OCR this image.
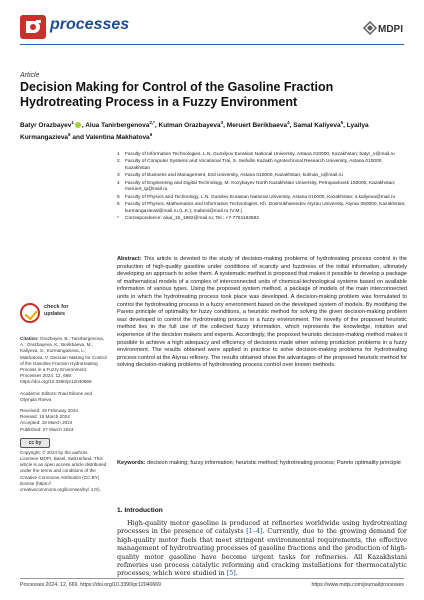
processes	MDPI
Article
Decision Making for Control of the Gasoline Fraction Hydrotreating Process in a Fuzzy Environment
Batyr Orazbayev$^1$ , Alua Tanirbergenova$^{2,*}$, Kulman Orazbayeva$^3$, Meruert Berikbaeva$^4$, Samal Kaliyeva$^5$, Lyailya Kurmangazieva$^6$ and Valentina Makhatova$^6$
1	Faculty of Information Technologies, L.N. Gumilyov Eurasian National University, Astana 010000, Kazakhstan; batyr_o@mail.ru
2	Faculty of Computer Systems and Vocational Trai, S. Seifullin Kazakh Agrotechnical Research University, Astana 010000, Kazakhstan
3	Faculty of Business and Management, Esil University, Astana 010000, Kazakhstan; kulman_o@mail.ru
4	Faculty of Engineering and Digital Technology, M. Kozybayev North Kazakhstan University, Petropavlovsk 150000, Kazakhstan; meruert_tp@mail.ru
5	Faculty of Physics and Technology, L.N. Gumilev Eurasian National University, Astana 010000, Kazakhstan; s.kaliyeva@mail.ru
6	Faculty of Physics, Mathematics and Information Technologies, Kh. Dosmukhamedov Atyrau University, Atyrau 060000, Kazakhstan; kurmangazieval@mail.ru (L.K.); mabevi@mail.ru (V.M.)
*	Correspondence: alua_15_1982@mail.ru; Tel.: +7-7761183682
check for updates

Citation: Orazbayev, B.; Tanirbergenova, A.; Orazbayeva, K.; Berikbaeva, M.; Kaliyeva, S.; Kurmangazieva, L.; Makhatova, V. Decision Making for Control of the Gasoline Fraction Hydrotreating Process in a Fuzzy Environment. Processes 2024, 12, 669. https://doi.org/10.3390/pr12040669

Academic Editors: Riad Eikane and Olympia Roeva

Received: 19 February 2024
Revised: 16 March 2024
Accepted: 18 March 2024
Published: 27 March 2024

cc by

Copyright: © 2024 by the authors. Licensee MDPI, Basel, Switzerland. This article is an open access article distributed under the terms and conditions of the Creative Commons Attribution (CC BY) license (https:// creativecommons.org/licenses/by/ 4.0/).

Abstract: This article is devoted to the study of decision-making problems of hydrotreating process control in the production of high-quality gasoline under conditions of scarcity and fuzziness of the initial information, ultimately developing an approach to solve them. A systematic method is proposed that makes it possible to develop a package of mathematical models of a complex of interconnected units of chemical-technological systems based on available information of various types. Using the proposed system method, a package of models of the main interconnected units in which the hydrotreating process took place was developed. A decision-making problem was formulated to control the hydrotreating process in a fuzzy environment based on the developed system of models. By modifying the Pareto principle of optimality for fuzzy conditions, a heuristic method for solving the given decision-making problem was developed to control the hydrotreating process in a fuzzy environment. The novelty of the proposed heuristic method lies in the full use of the collected fuzzy information, which represents the knowledge, intuition and experience of the decision makers and experts. Accordingly, the proposed heuristic decision-making method makes it possible to achieve a high adequacy and efficiency of decisions made when solving production problems in a fuzzy environment. The results obtained were applied in practice to solve decision-making problems for hydrotreating process control at the Atyrau refinery. The results obtained show the advantages of the proposed heuristic method for solving decision-making problems of hydrotreating process control over known methods.
Keywords: decision making; fuzzy information; heuristic method; hydrotreating process; Pareto optimality principle
1. Introduction

High-quality motor gasoline is produced at refineries worldwide using hydrotreating processes in the presence of catalysts [1–4]. Currently, due to the growing demand for high-quality motor fuels that meet stringent environmental requirements, the effective management of hydrotreating processes of gasoline fractions and the production of high-quality motor gasoline have become urgent tasks for refineries. All Kazakhstani refineries use process catalytic reforming and cracking installations for thermocatalytic processes, which were studied in [5].

Processes 2024, 12, 669. https://doi.org/10.3390/pr12040669	https://www.mdpi.com/journal/processes
